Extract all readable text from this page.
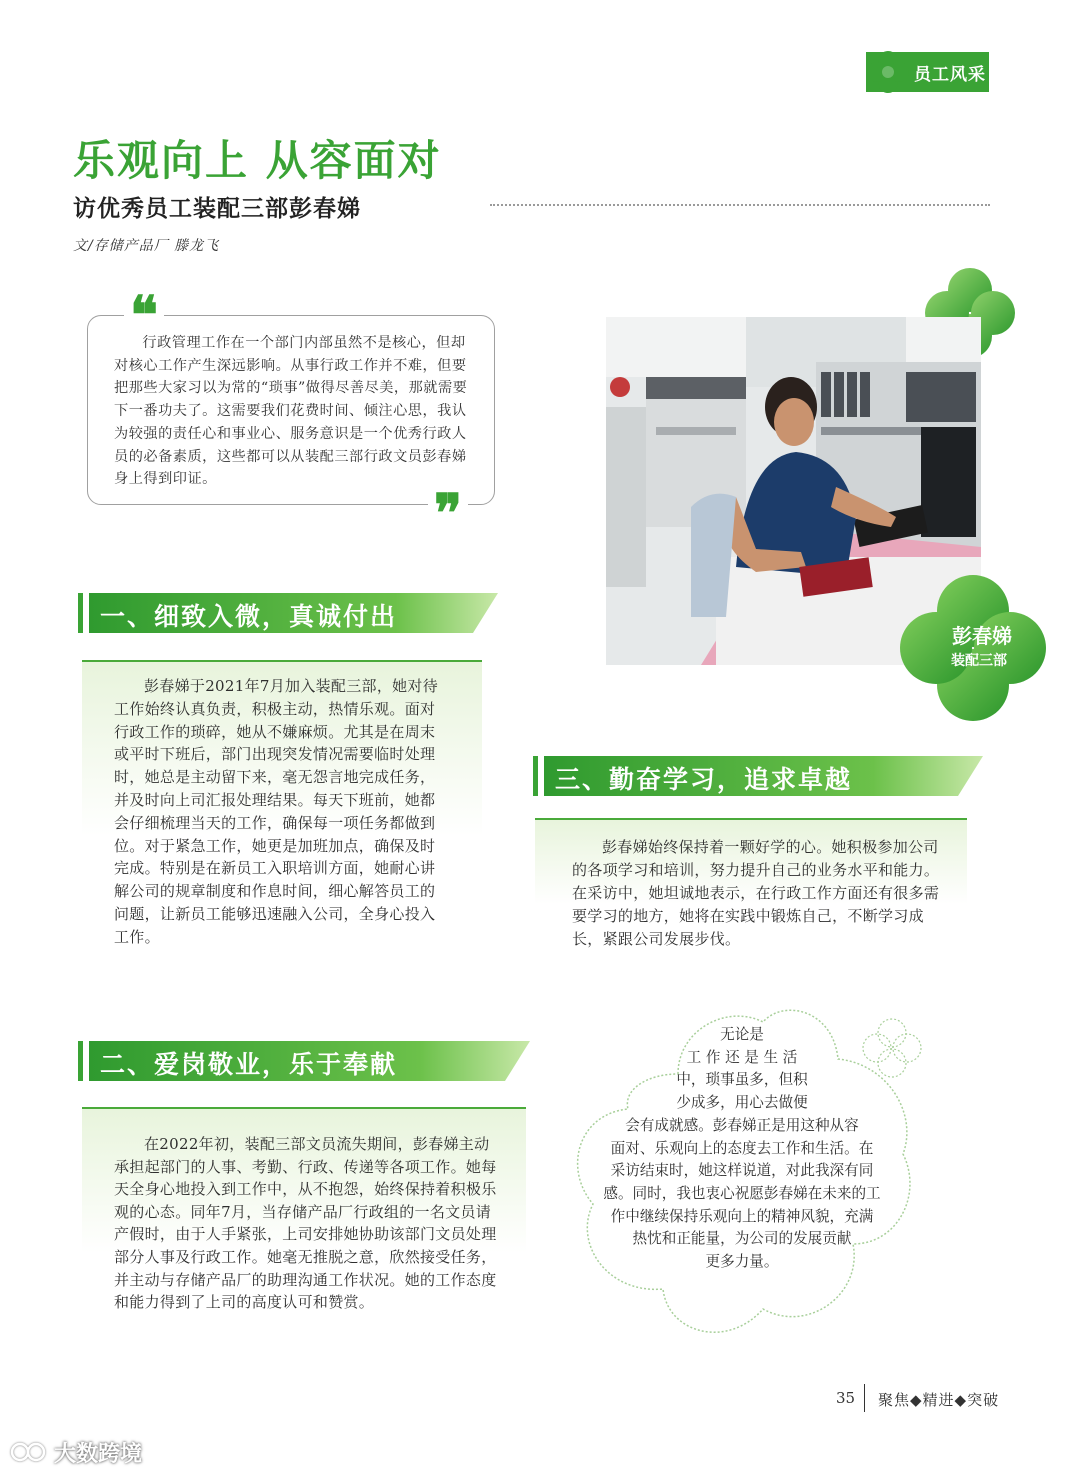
员工风采
乐观向上 从容面对
访优秀员工装配三部彭春娣
文/存储产品厂 滕龙飞
❝
❞
行政管理工作在一个部门内部虽然不是核心，但却对核心工作产生深远影响。从事行政工作并不难，但要把那些大家习以为常的“琐事”做得尽善尽美，那就需要下一番功夫了。这需要我们花费时间、倾注心思，我认为较强的责任心和事业心、服务意识是一个优秀行政人员的必备素质，这些都可以从装配三部行政文员彭春娣身上得到印证。
彭春娣
装配三部
一、细致入微，真诚付出
彭春娣于2021年7月加入装配三部，她对待工作始终认真负责，积极主动，热情乐观。面对行政工作的琐碎，她从不嫌麻烦。尤其是在周末或平时下班后，部门出现突发情况需要临时处理时，她总是主动留下来，毫无怨言地完成任务，并及时向上司汇报处理结果。每天下班前，她都会仔细梳理当天的工作，确保每一项任务都做到位。对于紧急工作，她更是加班加点，确保及时完成。特别是在新员工入职培训方面，她耐心讲解公司的规章制度和作息时间，细心解答员工的问题，让新员工能够迅速融入公司，全身心投入工作。
三、勤奋学习，追求卓越
彭春娣始终保持着一颗好学的心。她积极参加公司的各项学习和培训，努力提升自己的业务水平和能力。在采访中，她坦诚地表示，在行政工作方面还有很多需要学习的地方，她将在实践中锻炼自己，不断学习成长，紧跟公司发展步伐。
二、爱岗敬业，乐于奉献
在2022年初，装配三部文员流失期间，彭春娣主动承担起部门的人事、考勤、行政、传递等各项工作。她每天全身心地投入到工作中，从不抱怨，始终保持着积极乐观的心态。同年7月，当存储产品厂行政组的一名文员请产假时，由于人手紧张，上司安排她协助该部门文员处理部分人事及行政工作。她毫无推脱之意，欣然接受任务，并主动与存储产品厂的助理沟通工作状况。她的工作态度和能力得到了上司的高度认可和赞赏。
无论是
工 作 还 是 生 活
中，琐事虽多，但积
少成多，用心去做便
会有成就感。彭春娣正是用这种从容
面对、乐观向上的态度去工作和生活。在
采访结束时，她这样说道，对此我深有同
感。同时，我也衷心祝愿彭春娣在未来的工
作中继续保持乐观向上的精神风貌，充满
热忱和正能量，为公司的发展贡献
更多力量。
35 聚焦◆精进◆突破
大数跨境
